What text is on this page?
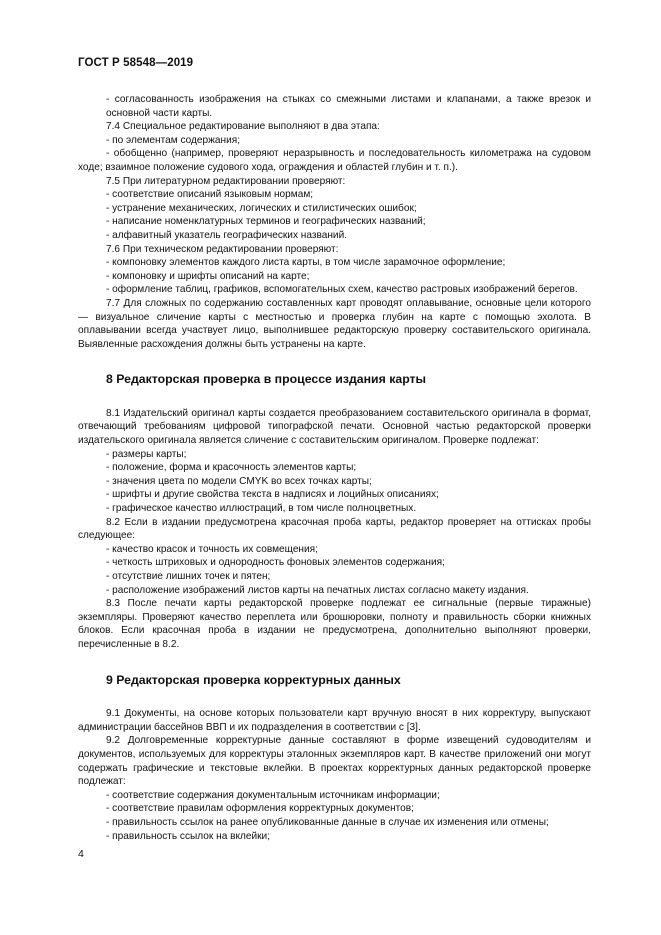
ГОСТ Р 58548—2019

- согласованность изображения на стыках со смежными листами и клапанами, а также врезок и основной части карты.

7.4 Специальное редактирование выполняют в два этапа:

- по элементам содержания;

- обобщенно (например, проверяют неразрывность и последовательность километража на судовом ходе; взаимное положение судового хода, ограждения и областей глубин и т. п.).

7.5 При литературном редактировании проверяют:

- соответствие описаний языковым нормам;

- устранение механических, логических и стилистических ошибок;

- написание номенклатурных терминов и географических названий;

- алфавитный указатель географических названий.

7.6 При техническом редактировании проверяют:

- компоновку элементов каждого листа карты, в том числе зарамочное оформление;

- компоновку и шрифты описаний на карте;

- оформление таблиц, графиков, вспомогательных схем, качество растровых изображений берегов.

7.7 Для сложных по содержанию составленных карт проводят оплавывание, основные цели которого — визуальное сличение карты с местностью и проверка глубин на карте с помощью эхолота. В оплавывании всегда участвует лицо, выполнившее редакторскую проверку составительского оригинала. Выявленные расхождения должны быть устранены на карте.

8 Редакторская проверка в процессе издания карты

8.1 Издательский оригинал карты создается преобразованием составительского оригинала в формат, отвечающий требованиям цифровой типографской печати. Основной частью редакторской проверки издательского оригинала является сличение с составительским оригиналом. Проверке подлежат:

- размеры карты;

- положение, форма и красочность элементов карты;

- значения цвета по модели CMYK во всех точках карты;

- шрифты и другие свойства текста в надписях и лоцийных описаниях;

- графическое качество иллюстраций, в том числе полноцветных.

8.2 Если в издании предусмотрена красочная проба карты, редактор проверяет на оттисках пробы следующее:

- качество красок и точность их совмещения;

- четкость штриховых и однородность фоновых элементов содержания;

- отсутствие лишних точек и пятен;

- расположение изображений листов карты на печатных листах согласно макету издания.

8.3 После печати карты редакторской проверке подлежат ее сигнальные (первые тиражные) экземпляры. Проверяют качество переплета или брошюровки, полноту и правильность сборки книжных блоков. Если красочная проба в издании не предусмотрена, дополнительно выполняют проверки, перечисленные в 8.2.

9 Редакторская проверка корректурных данных

9.1 Документы, на основе которых пользователи карт вручную вносят в них корректуру, выпускают администрации бассейнов ВВП и их подразделения в соответствии с [3].

9.2 Долговременные корректурные данные составляют в форме извещений судоводителям и документов, используемых для корректуры эталонных экземпляров карт. В качестве приложений они могут содержать графические и текстовые вклейки. В проектах корректурных данных редакторской проверке подлежат:

- соответствие содержания документальным источникам информации;

- соответствие правилам оформления корректурных документов;

- правильность ссылок на ранее опубликованные данные в случае их изменения или отмены;

- правильность ссылок на вклейки;

4
